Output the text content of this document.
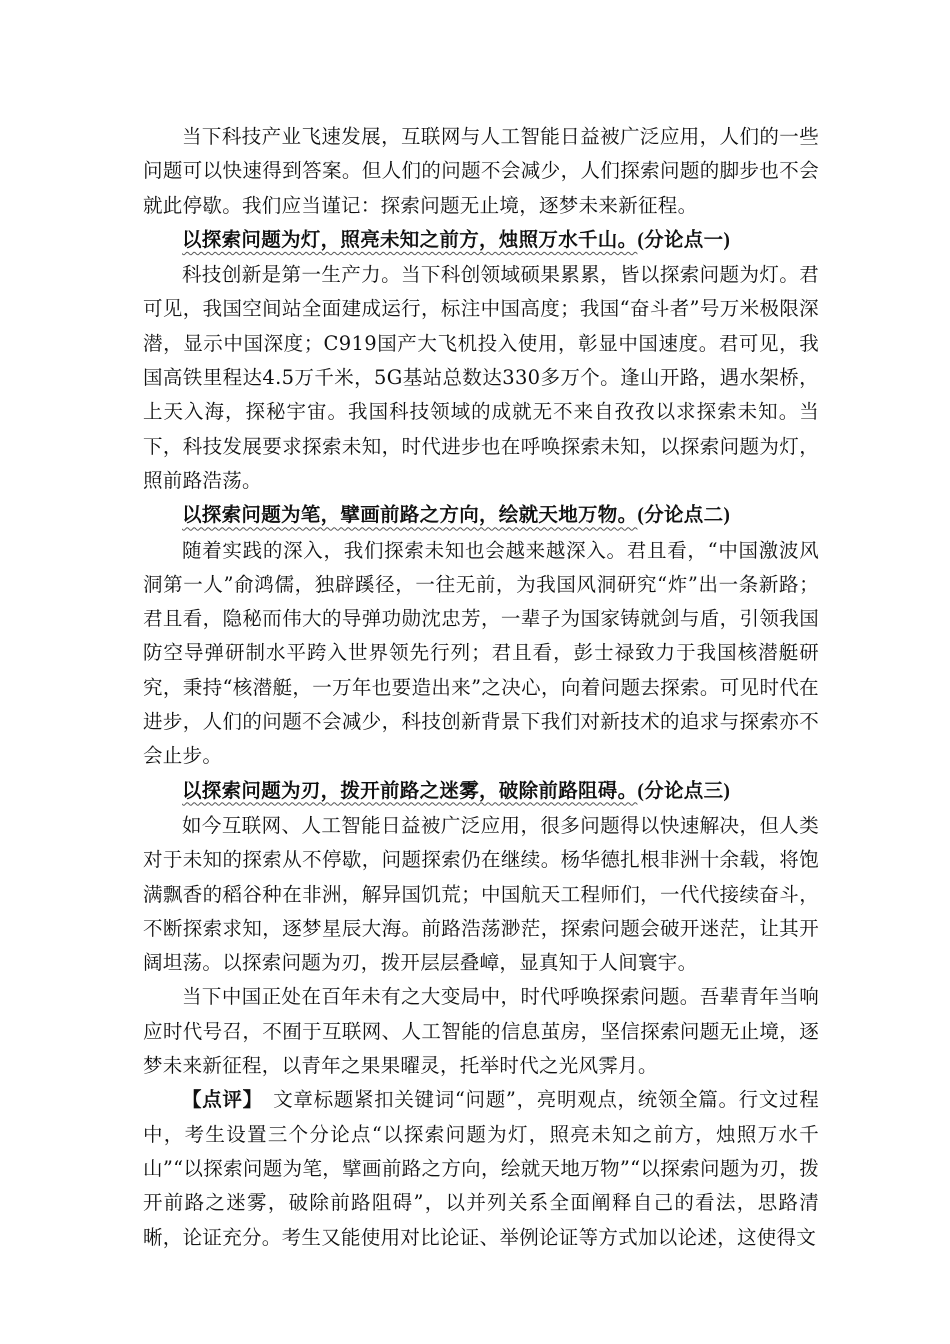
当下科技产业飞速发展，互联网与人工智能日益被广泛应用，人们的一些问题可以快速得到答案。但人们的问题不会减少，人们探索问题的脚步也不会就此停歇。我们应当谨记：探索问题无止境，逐梦未来新征程。

以探索问题为灯，照亮未知之前方，烛照万水千山。(分论点一)

科技创新是第一生产力。当下科创领域硕果累累，皆以探索问题为灯。君可见，我国空间站全面建成运行，标注中国高度；我国“奋斗者”号万米极限深潜，显示中国深度；C919国产大飞机投入使用，彰显中国速度。君可见，我国高铁里程达4.5万千米，5G基站总数达330多万个。逢山开路，遇水架桥，上天入海，探秘宇宙。我国科技领域的成就无不来自孜孜以求探索未知。当下，科技发展要求探索未知，时代进步也在呼唤探索未知，以探索问题为灯，照前路浩荡。

以探索问题为笔，擘画前路之方向，绘就天地万物。(分论点二)

随着实践的深入，我们探索未知也会越来越深入。君且看，“中国激波风洞第一人”俞鸿儒，独辟蹊径，一往无前，为我国风洞研究“炸”出一条新路；君且看，隐秘而伟大的导弹功勋沈忠芳，一辈子为国家铸就剑与盾，引领我国防空导弹研制水平跨入世界领先行列；君且看，彭士禄致力于我国核潜艇研究，秉持“核潜艇，一万年也要造出来”之决心，向着问题去探索。可见时代在进步，人们的问题不会减少，科技创新背景下我们对新技术的追求与探索亦不会止步。

以探索问题为刃，拨开前路之迷雾，破除前路阻碍。(分论点三)

如今互联网、人工智能日益被广泛应用，很多问题得以快速解决，但人类对于未知的探索从不停歇，问题探索仍在继续。杨华德扎根非洲十余载，将饱满飘香的稻谷种在非洲，解异国饥荒；中国航天工程师们，一代代接续奋斗，不断探索求知，逐梦星辰大海。前路浩荡渺茫，探索问题会破开迷茫，让其开阔坦荡。以探索问题为刃，拨开层层叠嶂，显真知于人间寰宇。

当下中国正处在百年未有之大变局中，时代呼唤探索问题。吾辈青年当响应时代号召，不囿于互联网、人工智能的信息茧房，坚信探索问题无止境，逐梦未来新征程，以青年之果果曜灵，托举时代之光风霁月。

【点评】　文章标题紧扣关键词“问题”，亮明观点，统领全篇。行文过程中，考生设置三个分论点“以探索问题为灯，照亮未知之前方，烛照万水千山”“以探索问题为笔，擘画前路之方向，绘就天地万物”“以探索问题为刃，拨开前路之迷雾，破除前路阻碍”，以并列关系全面阐释自己的看法，思路清晰，论证充分。考生又能使用对比论证、举例论证等方式加以论述，这使得文
